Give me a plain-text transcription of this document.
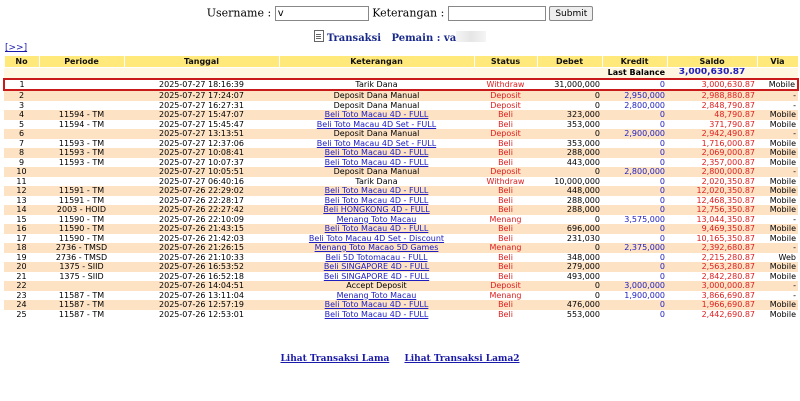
Username : v	Keterangan :	Submit
Transaksi Pemain : va
[>>]
No	Periode	Tanggal	Keterangan	Status	Debet	Kredit	Saldo	Via
Last Balance							3,000,630.87	
1		2025-07-27 18:16:39	Tarik Dana	Withdraw	31,000,000	0	3,000,630.87	Mobile
2		2025-07-27 17:24:07	Deposit Dana Manual	Deposit	0	2,950,000	2,988,880.87	-
3		2025-07-27 16:27:31	Deposit Dana Manual	Deposit	0	2,800,000	2,848,790.87	-
4	11594 - TM	2025-07-27 15:47:07	Beli Toto Macau 4D - FULL	Beli	323,000	0	48,790.87	Mobile
5	11594 - TM	2025-07-27 15:45:47	Beli Toto Macau 4D Set - FULL	Beli	353,000	0	371,790.87	Mobile
6		2025-07-27 13:13:51	Deposit Dana Manual	Deposit	0	2,900,000	2,942,490.87	-
7	11593 - TM	2025-07-27 12:37:06	Beli Toto Macau 4D Set - FULL	Beli	353,000	0	1,716,000.87	Mobile
8	11593 - TM	2025-07-27 10:08:41	Beli Toto Macau 4D - FULL	Beli	288,000	0	2,069,000.87	Mobile
9	11593 - TM	2025-07-27 10:07:37	Beli Toto Macau 4D - FULL	Beli	443,000	0	2,357,000.87	Mobile
10		2025-07-27 10:05:51	Deposit Dana Manual	Deposit	0	2,800,000	2,800,000.87	-
11		2025-07-27 06:40:16	Tarik Dana	Withdraw	10,000,000	0	2,020,350.87	Mobile
12	11591 - TM	2025-07-26 22:29:02	Beli Toto Macau 4D - FULL	Beli	448,000	0	12,020,350.87	Mobile
13	11591 - TM	2025-07-26 22:28:17	Beli Toto Macau 4D - FULL	Beli	288,000	0	12,468,350.87	Mobile
14	2003 - HOID	2025-07-26 22:27:42	Beli HONGKONG 4D - FULL	Beli	288,000	0	12,756,350.87	Mobile
15	11590 - TM	2025-07-26 22:10:09	Menang Toto Macau	Menang	0	3,575,000	13,044,350.87	-
16	11590 - TM	2025-07-26 21:43:15	Beli Toto Macau 4D - FULL	Beli	696,000	0	9,469,350.87	Mobile
17	11590 - TM	2025-07-26 21:42:03	Beli Toto Macau 4D Set - Discount	Beli	231,030	0	10,165,350.87	Mobile
18	2736 - TMSD	2025-07-26 21:26:15	Menang Toto Macao 5D Games	Menang	0	2,375,000	2,392,680.87	-
19	2736 - TMSD	2025-07-26 21:10:33	Beli 5D Totomacau - FULL	Beli	348,000	0	2,215,280.87	Web
20	1375 - SIID	2025-07-26 16:53:52	Beli SINGAPORE 4D - FULL	Beli	279,000	0	2,563,280.87	Mobile
21	1375 - SIID	2025-07-26 16:52:18	Beli SINGAPORE 4D - FULL	Beli	493,000	0	2,842,280.87	Mobile
22		2025-07-26 14:04:51	Accept Deposit	Deposit	0	3,000,000	3,000,000.87	-
23	11587 - TM	2025-07-26 13:11:04	Menang Toto Macau	Menang	0	1,900,000	3,866,690.87	-
24	11587 - TM	2025-07-26 12:57:19	Beli Toto Macau 4D - FULL	Beli	476,000	0	1,966,690.87	Mobile
25	11587 - TM	2025-07-26 12:53:01	Beli Toto Macau 4D - FULL	Beli	553,000	0	2,442,690.87	Mobile
Lihat Transaksi Lama Lihat Transaksi Lama2
